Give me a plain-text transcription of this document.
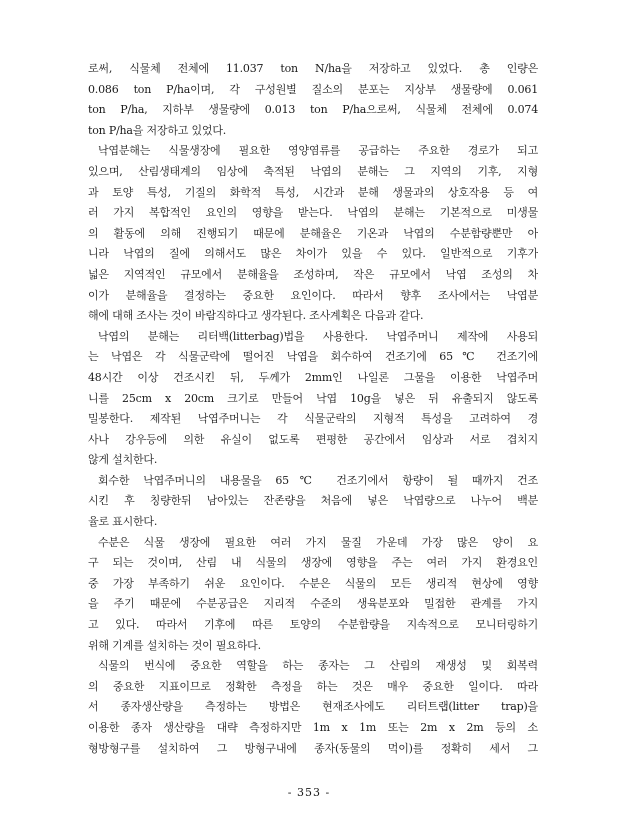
로써, 식물체 전체에 11.037 ton N/ha을 저장하고 있었다. 총 인량은
0.086 ton P/ha이며, 각 구성원별 질소의 분포는 지상부 생물량에 0.061
ton P/ha, 지하부 생물량에 0.013 ton P/ha으로써, 식물체 전체에 0.074
ton P/ha을 저장하고 있었다.

낙엽분해는 식물생장에 필요한 영양염류를 공급하는 주요한 경로가 되고
있으며, 산림생태계의 임상에 축적된 낙엽의 분해는 그 지역의 기후, 지형
과 토양 특성, 기질의 화학적 특성, 시간과 분해 생물과의 상호작용 등 여
러 가지 복합적인 요인의 영향을 받는다. 낙엽의 분해는 기본적으로 미생물
의 활동에 의해 진행되기 때문에 분해율은 기온과 낙엽의 수분함량뿐만 아
니라 낙엽의 질에 의해서도 많은 차이가 있을 수 있다. 일반적으로 기후가
넓은 지역적인 규모에서 분해율을 조성하며, 작은 규모에서 낙엽 조성의 차
이가 분해율을 결정하는 중요한 요인이다. 따라서 향후 조사에서는 낙엽분
해에 대해 조사는 것이 바람직하다고 생각된다. 조사계획은 다음과 같다.

낙엽의 분해는 리터백(litterbag)법을 사용한다. 낙엽주머니 제작에 사용되
는 낙엽은 각 식물군락에 떨어진 낙엽을 회수하여 건조기에 65℃ 건조기에
48시간 이상 건조시킨 뒤, 두께가 2mm인 나일론 그물을 이용한 낙엽주머
니를 25cm x 20cm 크기로 만들어 낙엽 10g을 넣은 뒤 유출되지 않도록
밀봉한다. 제작된 낙엽주머니는 각 식물군락의 지형적 특성을 고려하여 경
사나 강우등에 의한 유실이 없도록 편평한 공간에서 임상과 서로 겹치지
않게 설치한다.

회수한 낙엽주머니의 내용물을 65℃ 건조기에서 항량이 될 때까지 건조
시킨 후 칭량한뒤 남아있는 잔존량을 처음에 넣은 낙엽량으로 나누어 백분
율로 표시한다.

수분은 식물 생장에 필요한 여러 가지 물질 가운데 가장 많은 양이 요
구 되는 것이며, 산림 내 식물의 생장에 영향을 주는 여러 가지 환경요인
중 가장 부족하기 쉬운 요인이다. 수분은 식물의 모든 생리적 현상에 영향
을 주기 때문에 수분공급은 지리적 수준의 생육분포와 밀접한 관계를 가지
고 있다. 따라서 기후에 따른 토양의 수분함량을 지속적으로 모니터링하기
위해 기계를 설치하는 것이 필요하다.

식물의 번식에 중요한 역할을 하는 종자는 그 산림의 재생성 및 회복력
의 중요한 지표이므로 정확한 측정을 하는 것은 매우 중요한 일이다. 따라
서 종자생산량을 측정하는 방법은 현재조사에도 리터트랩(litter trap)을
이용한 종자 생산량을 대략 측정하지만 1m x 1m 또는 2m x 2m 등의 소
형방형구를 설치하여 그 방형구내에 종자(동물의 먹이)를 정확히 세서 그

- 353 -
